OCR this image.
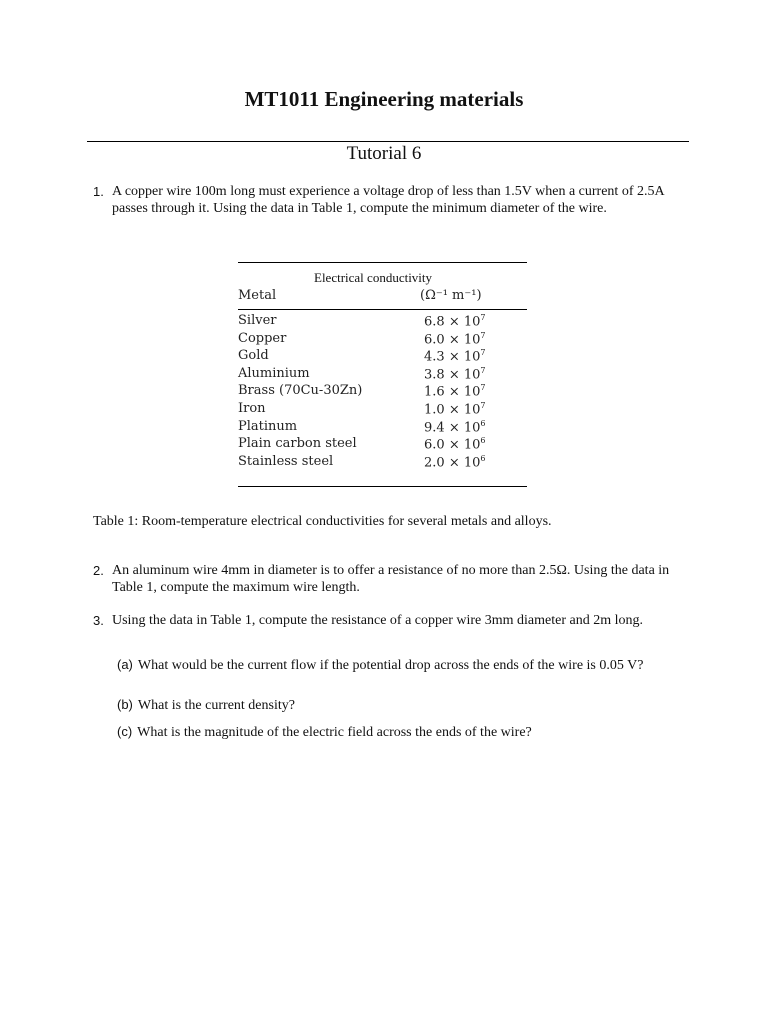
MT1011 Engineering materials
Tutorial 6
1. A copper wire 100m long must experience a voltage drop of less than 1.5V when a current of 2.5A passes through it. Using the data in Table 1, compute the minimum diameter of the wire.
Electrical conductivity
Metal	(Ω⁻¹ m⁻¹)
Silver	$6.8 \times 10^7$
Copper	$6.0 \times 10^7$
Gold	$4.3 \times 10^7$
Aluminium	$3.8 \times 10^7$
Brass (70Cu-30Zn)	$1.6 \times 10^7$
Iron	$1.0 \times 10^7$
Platinum	$9.4 \times 10^6$
Plain carbon steel	$6.0 \times 10^6$
Stainless steel	$2.0 \times 10^6$
Table 1: Room-temperature electrical conductivities for several metals and alloys.
2. An aluminum wire 4mm in diameter is to offer a resistance of no more than 2.5Ω. Using the data in Table 1, compute the maximum wire length.
3. Using the data in Table 1, compute the resistance of a copper wire 3mm diameter and 2m long.
(a) What would be the current flow if the potential drop across the ends of the wire is 0.05 V?
(b) What is the current density?
(c) What is the magnitude of the electric field across the ends of the wire?
